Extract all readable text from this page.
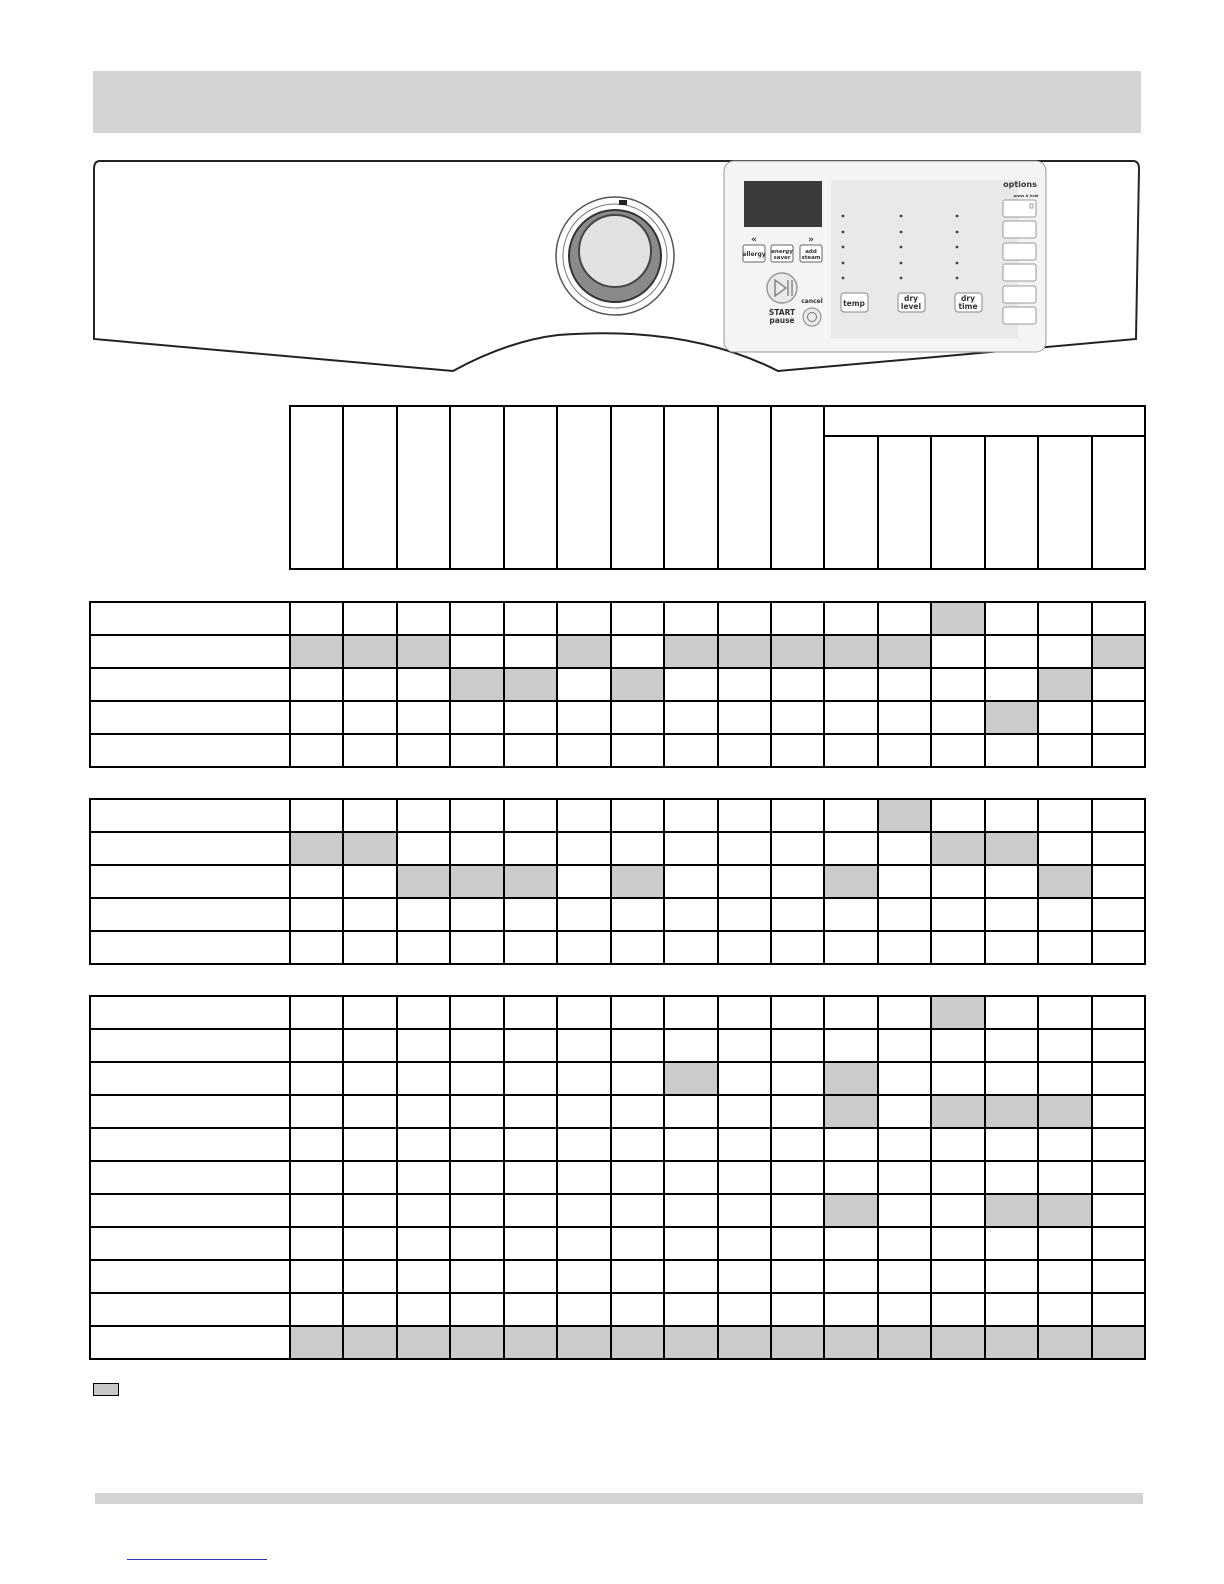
«	»
allergy energy
saver
add
steam
START
pause
cancel	temp
dry
level
dry
time
options
press & hold
